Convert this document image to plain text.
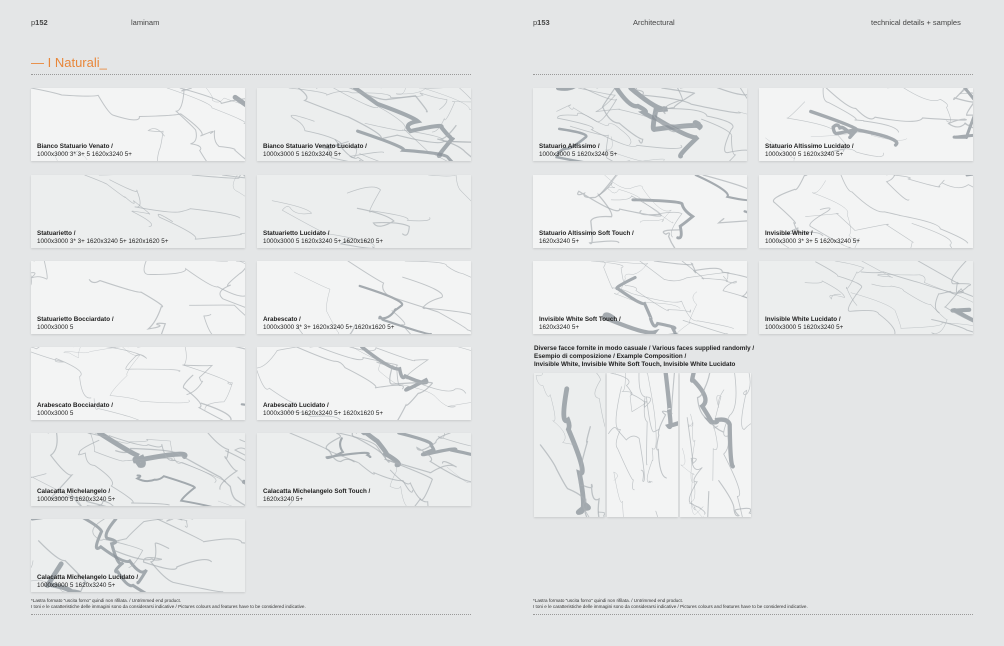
p152	laminam	p153	Architectural	technical details + samples
— I Naturali_
Bianco Statuario Venato /
1000x3000 3* 3+ 5 1620x3240 5+
Bianco Statuario Venato Lucidato /
1000x3000 5 1620x3240 5+
Statuarietto /
1000x3000 3* 3+ 1620x3240 5+ 1620x1620 5+
Statuarietto Lucidato /
1000x3000 5 1620x3240 5+ 1620x1620 5+
Statuarietto Bocciardato /
1000x3000 5
Arabescato /
1000x3000 3* 3+ 1620x3240 5+ 1620x1620 5+
Arabescato Bocciardato /
1000x3000 5
Arabescato Lucidato /
1000x3000 5 1620x3240 5+ 1620x1620 5+
Calacatta Michelangelo /
1000x3000 5 1620x3240 5+
Calacatta Michelangelo Soft Touch /
1620x3240 5+
Calacatta Michelangelo Lucidato /
1000x3000 5 1620x3240 5+
Statuario Altissimo /
1000x3000 5 1620x3240 5+
Statuario Altissimo Lucidato /
1000x3000 5 1620x3240 5+
Statuario Altissimo Soft Touch /
1620x3240 5+
Invisible White /
1000x3000 3* 3+ 5 1620x3240 5+
Invisible White Soft Touch /
1620x3240 5+
Invisible White Lucidato /
1000x3000 5 1620x3240 5+
Diverse facce fornite in modo casuale / Various faces supplied randomly /
Esempio di composizione / Example Composition /
Invisible White, Invisible White Soft Touch, Invisible White Lucidato
*Lastra formato "uscita forno" quindi non rifilata. / Untrimmed end product.
I toni e le caratteristiche delle immagini sono da considerarsi indicative / Pictures colours and features have to be considered indicative.
*Lastra formato "uscita forno" quindi non rifilata. / Untrimmed end product.
I toni e le caratteristiche delle immagini sono da considerarsi indicative / Pictures colours and features have to be considered indicative.
